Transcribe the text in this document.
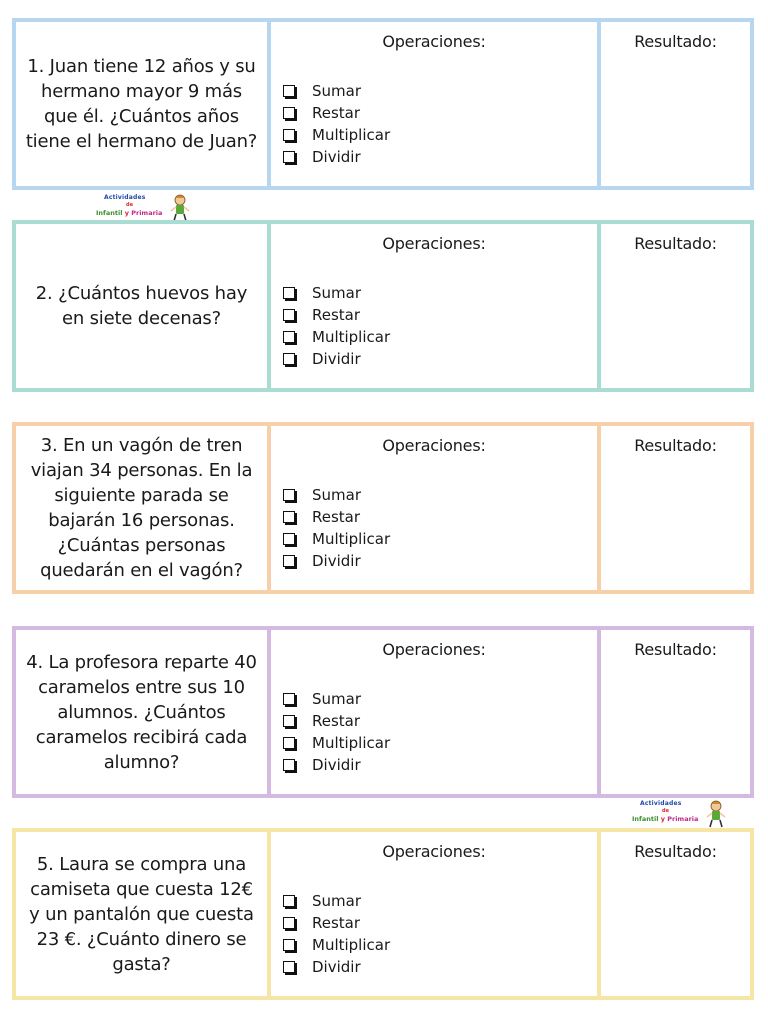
1. Juan tiene 12 años y su hermano mayor 9 más que él. ¿Cuántos años tiene el hermano de Juan?
Operaciones:
Sumar
Restar
Multiplicar
Dividir
Resultado:
Actividades
de
Infantil y Primaria
2. ¿Cuántos huevos hay en siete decenas?
Operaciones:
Sumar
Restar
Multiplicar
Dividir
Resultado:
3. En un vagón de tren viajan 34 personas. En la siguiente parada se bajarán 16 personas. ¿Cuántas personas quedarán en el vagón?
Operaciones:
Sumar
Restar
Multiplicar
Dividir
Resultado:
4. La profesora reparte 40 caramelos entre sus 10 alumnos. ¿Cuántos caramelos recibirá cada alumno?
Operaciones:
Sumar
Restar
Multiplicar
Dividir
Resultado:
Actividades
de
Infantil y Primaria
5. Laura se compra una camiseta que cuesta 12€ y un pantalón que cuesta 23 €. ¿Cuánto dinero se gasta?
Operaciones:
Sumar
Restar
Multiplicar
Dividir
Resultado:
